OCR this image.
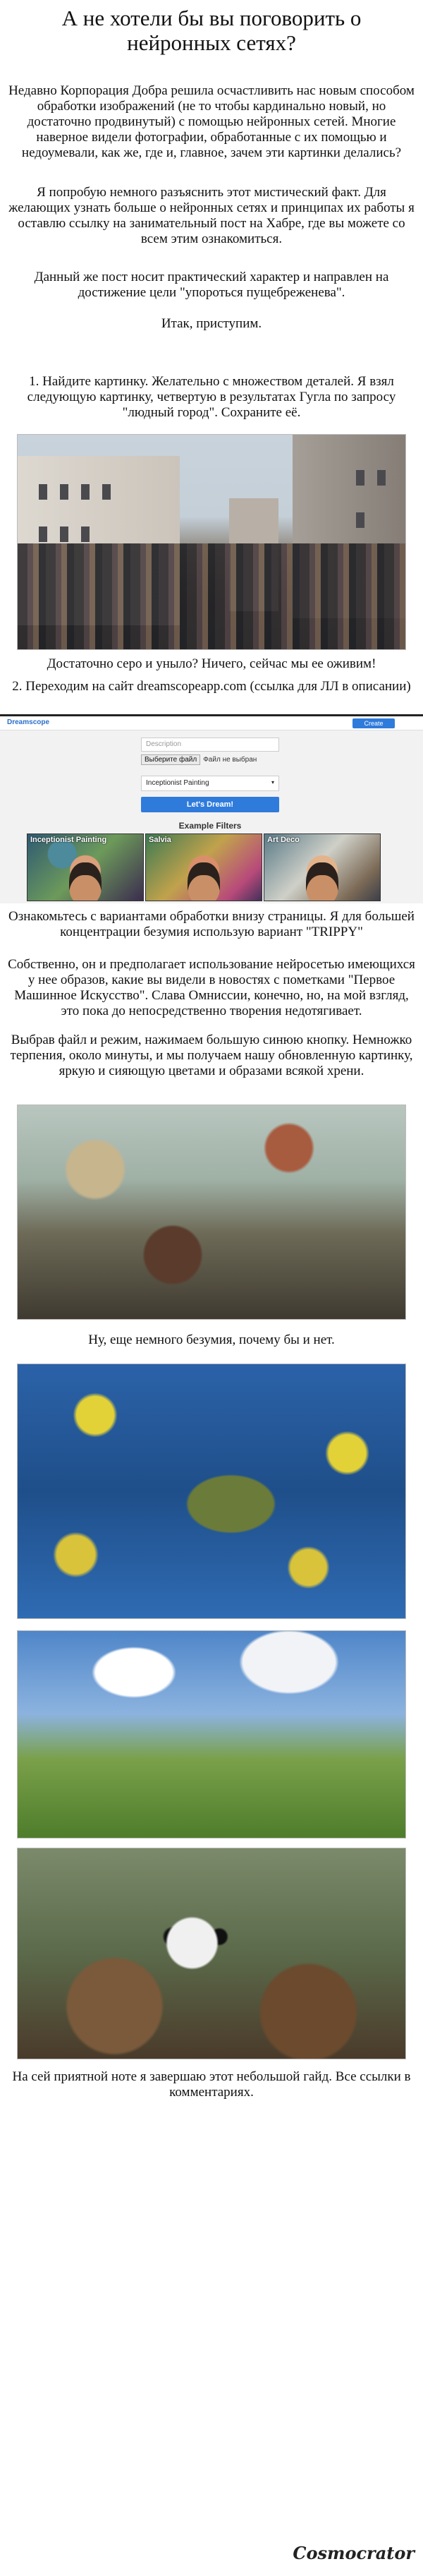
А не хотели бы вы поговорить о нейронных сетях?
Недавно Корпорация Добра решила осчастливить нас новым способом обработки изображений (не то чтобы кардинально новый, но достаточно продвинутый) с помощью нейронных сетей. Многие наверное видели фотографии, обработанные с их помощью и недоумевали, как же, где и, главное, зачем эти картинки делались?
Я попробую немного разъяснить этот мистический факт. Для желающих узнать больше о нейронных сетях и принципах их работы я оставлю ссылку на занимательный пост на Хабре, где вы можете со всем этим ознакомиться.
Данный же пост носит практический характер и направлен на достижение цели "упороться пущебреженева".
Итак, приступим.
1. Найдите картинку. Желательно с множеством деталей. Я взял следующую картинку, четвертую в результатах Гугла по запросу "людный город". Сохраните её.
Достаточно серо и уныло? Ничего, сейчас мы ее оживим!
2. Переходим на сайт dreamscopeapp.com (ссылка для ЛЛ в описании)
Dreamscope	Create
Description
Выберите файл Файл не выбран
Inceptionist Painting	▾
Let's Dream!
Example Filters
Inceptionist Painting	Salvia	Art Deco
Ознакомьтесь с вариантами обработки внизу страницы. Я для большей концентрации безумия использую вариант "TRIPPY"
Собственно, он и предполагает использование нейросетью имеющихся у нее образов, какие вы видели в новостях с пометками "Первое Машинное Искусство". Слава Омниссии, конечно, но, на мой взгляд, это пока до непосредственно творения недотягивает.
Выбрав файл и режим, нажимаем большую синюю кнопку. Немножко терпения, около минуты, и мы получаем нашу обновленную картинку, яркую и сияющую цветами и образами всякой хрени.
Ну, еще немного безумия, почему бы и нет.
На сей приятной ноте я завершаю этот небольшой гайд. Все ссылки в комментариях.
Cosmocrator
